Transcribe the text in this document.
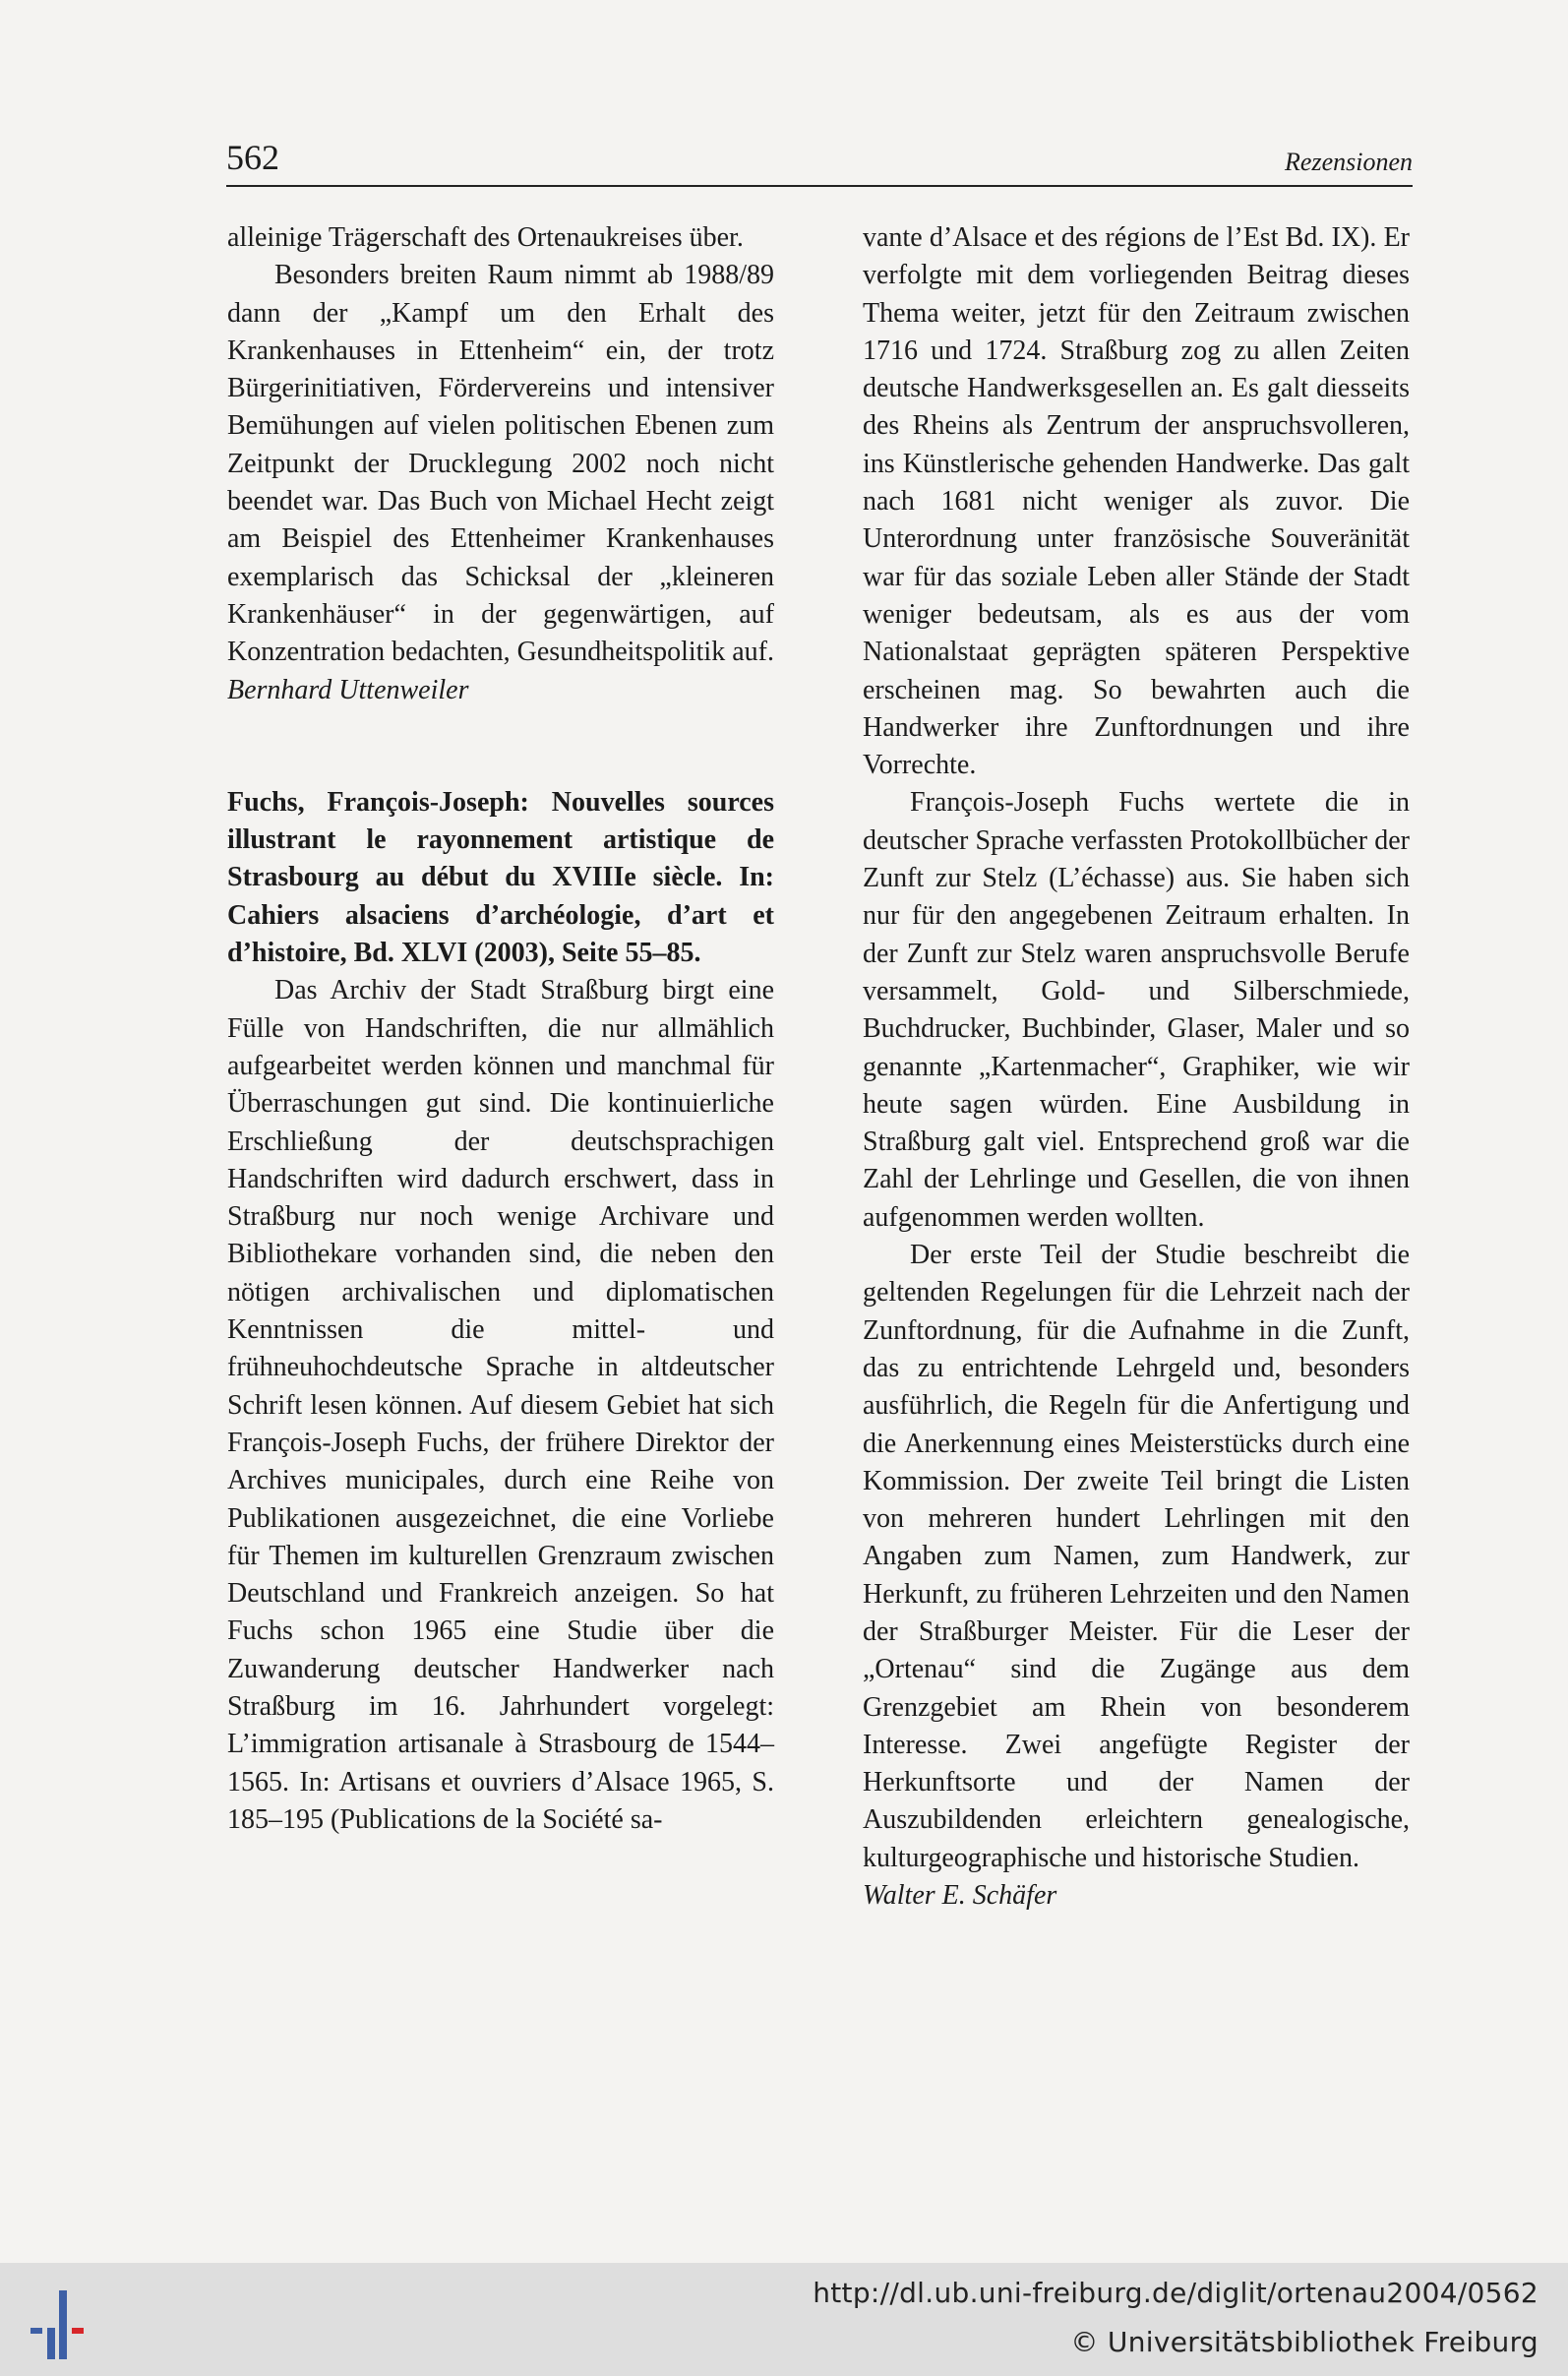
562	Rezensionen

alleinige Trägerschaft des Ortenaukreises über.

Besonders breiten Raum nimmt ab 1988/89 dann der „Kampf um den Erhalt des Krankenhauses in Ettenheim“ ein, der trotz Bürgerinitiativen, Fördervereins und intensiver Bemühungen auf vielen politischen Ebenen zum Zeitpunkt der Drucklegung 2002 noch nicht beendet war. Das Buch von Michael Hecht zeigt am Beispiel des Ettenheimer Krankenhauses exemplarisch das Schicksal der „kleineren Krankenhäuser“ in der gegenwärtigen, auf Konzentration bedachten, Gesundheitspolitik auf.

Bernhard Uttenweiler

Fuchs, François-Joseph: Nouvelles sources illustrant le rayonnement artistique de Strasbourg au début du XVIIIe siècle. In: Cahiers alsaciens d’archéologie, d’art et d’histoire, Bd. XLVI (2003), Seite 55–85.

Das Archiv der Stadt Straßburg birgt eine Fülle von Handschriften, die nur allmählich aufgearbeitet werden können und manchmal für Überraschungen gut sind. Die kontinuierliche Erschließung der deutschsprachigen Handschriften wird dadurch erschwert, dass in Straßburg nur noch wenige Archivare und Bibliothekare vorhanden sind, die neben den nötigen archivalischen und diplomatischen Kenntnissen die mittel- und frühneuhochdeutsche Sprache in altdeutscher Schrift lesen können. Auf diesem Gebiet hat sich François-Joseph Fuchs, der frühere Direktor der Archives municipales, durch eine Reihe von Publikationen ausgezeichnet, die eine Vorliebe für Themen im kulturellen Grenzraum zwischen Deutschland und Frankreich anzeigen. So hat Fuchs schon 1965 eine Studie über die Zuwanderung deutscher Handwerker nach Straßburg im 16. Jahrhundert vorgelegt: L’immigration artisanale à Strasbourg de 1544–1565. In: Artisans et ouvriers d’Alsace 1965, S. 185–195 (Publications de la Société sa-

vante d’Alsace et des régions de l’Est Bd. IX). Er verfolgte mit dem vorliegenden Beitrag dieses Thema weiter, jetzt für den Zeitraum zwischen 1716 und 1724. Straßburg zog zu allen Zeiten deutsche Handwerksgesellen an. Es galt diesseits des Rheins als Zentrum der anspruchsvolleren, ins Künstlerische gehenden Handwerke. Das galt nach 1681 nicht weniger als zuvor. Die Unterordnung unter französische Souveränität war für das soziale Leben aller Stände der Stadt weniger bedeutsam, als es aus der vom Nationalstaat geprägten späteren Perspektive erscheinen mag. So bewahrten auch die Handwerker ihre Zunftordnungen und ihre Vorrechte.

François-Joseph Fuchs wertete die in deutscher Sprache verfassten Protokollbücher der Zunft zur Stelz (L’échasse) aus. Sie haben sich nur für den angegebenen Zeitraum erhalten. In der Zunft zur Stelz waren anspruchsvolle Berufe versammelt, Gold- und Silberschmiede, Buchdrucker, Buchbinder, Glaser, Maler und so genannte „Kartenmacher“, Graphiker, wie wir heute sagen würden. Eine Ausbildung in Straßburg galt viel. Entsprechend groß war die Zahl der Lehrlinge und Gesellen, die von ihnen aufgenommen werden wollten.

Der erste Teil der Studie beschreibt die geltenden Regelungen für die Lehrzeit nach der Zunftordnung, für die Aufnahme in die Zunft, das zu entrichtende Lehrgeld und, besonders ausführlich, die Regeln für die Anfertigung und die Anerkennung eines Meisterstücks durch eine Kommission. Der zweite Teil bringt die Listen von mehreren hundert Lehrlingen mit den Angaben zum Namen, zum Handwerk, zur Herkunft, zu früheren Lehrzeiten und den Namen der Straßburger Meister. Für die Leser der „Ortenau“ sind die Zugänge aus dem Grenzgebiet am Rhein von besonderem Interesse. Zwei angefügte Register der Herkunftsorte und der Namen der Auszubildenden erleichtern genealogische, kulturgeographische und historische Studien.

Walter E. Schäfer

http://dl.ub.uni-freiburg.de/diglit/ortenau2004/0562
© Universitätsbibliothek Freiburg
